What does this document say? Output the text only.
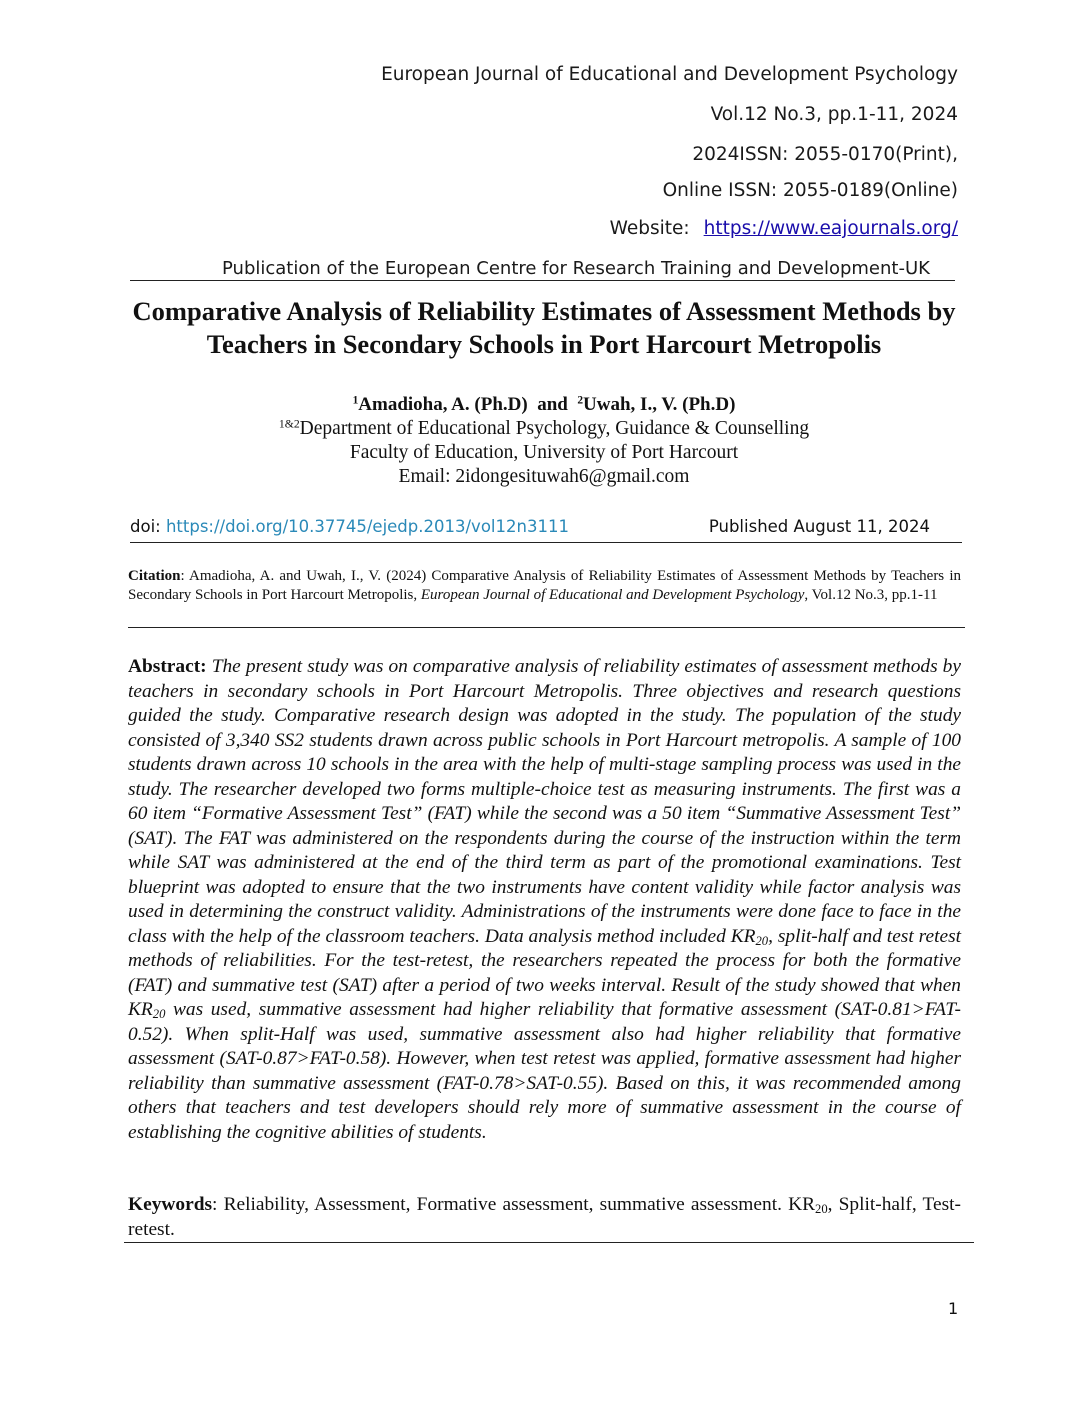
European Journal of Educational and Development Psychology
Vol.12 No.3, pp.1-11, 2024
2024ISSN: 2055-0170(Print),
Online ISSN: 2055-0189(Online)
Website: https://www.eajournals.org/
Publication of the European Centre for Research Training and Development-UK
Comparative Analysis of Reliability Estimates of Assessment Methods by Teachers in Secondary Schools in Port Harcourt Metropolis
$^1$Amadioha, A. (Ph.D) and $^2$Uwah, I., V. (Ph.D)
$^{1\&2}$Department of Educational Psychology, Guidance & Counselling
Faculty of Education, University of Port Harcourt
Email: 2idongesituwah6@gmail.com
doi: https://doi.org/10.37745/ejedp.2013/vol12n3111	Published August 11, 2024
Citation: Amadioha, A. and Uwah, I., V. (2024) Comparative Analysis of Reliability Estimates of Assessment Methods by Teachers in Secondary Schools in Port Harcourt Metropolis, European Journal of Educational and Development Psychology, Vol.12 No.3, pp.1-11
Abstract: The present study was on comparative analysis of reliability estimates of assessment methods by teachers in secondary schools in Port Harcourt Metropolis. Three objectives and research questions guided the study. Comparative research design was adopted in the study. The population of the study consisted of 3,340 SS2 students drawn across public schools in Port Harcourt metropolis. A sample of 100 students drawn across 10 schools in the area with the help of multi-stage sampling process was used in the study. The researcher developed two forms multiple-choice test as measuring instruments. The first was a 60 item “Formative Assessment Test” (FAT) while the second was a 50 item “Summative Assessment Test” (SAT). The FAT was administered on the respondents during the course of the instruction within the term while SAT was administered at the end of the third term as part of the promotional examinations. Test blueprint was adopted to ensure that the two instruments have content validity while factor analysis was used in determining the construct validity. Administrations of the instruments were done face to face in the class with the help of the classroom teachers. Data analysis method included $KR_{20}$, split-half and test retest methods of reliabilities. For the test-retest, the researchers repeated the process for both the formative (FAT) and summative test (SAT) after a period of two weeks interval. Result of the study showed that when $KR_{20}$ was used, summative assessment had higher reliability that formative assessment (SAT-0.81>FAT-0.52). When split-Half was used, summative assessment also had higher reliability that formative assessment (SAT-0.87>FAT-0.58). However, when test retest was applied, formative assessment had higher reliability than summative assessment (FAT-0.78>SAT-0.55). Based on this, it was recommended among others that teachers and test developers should rely more of summative assessment in the course of establishing the cognitive abilities of students.
Keywords: Reliability, Assessment, Formative assessment, summative assessment. $KR_{20}$, Split-half, Test-retest.
1
